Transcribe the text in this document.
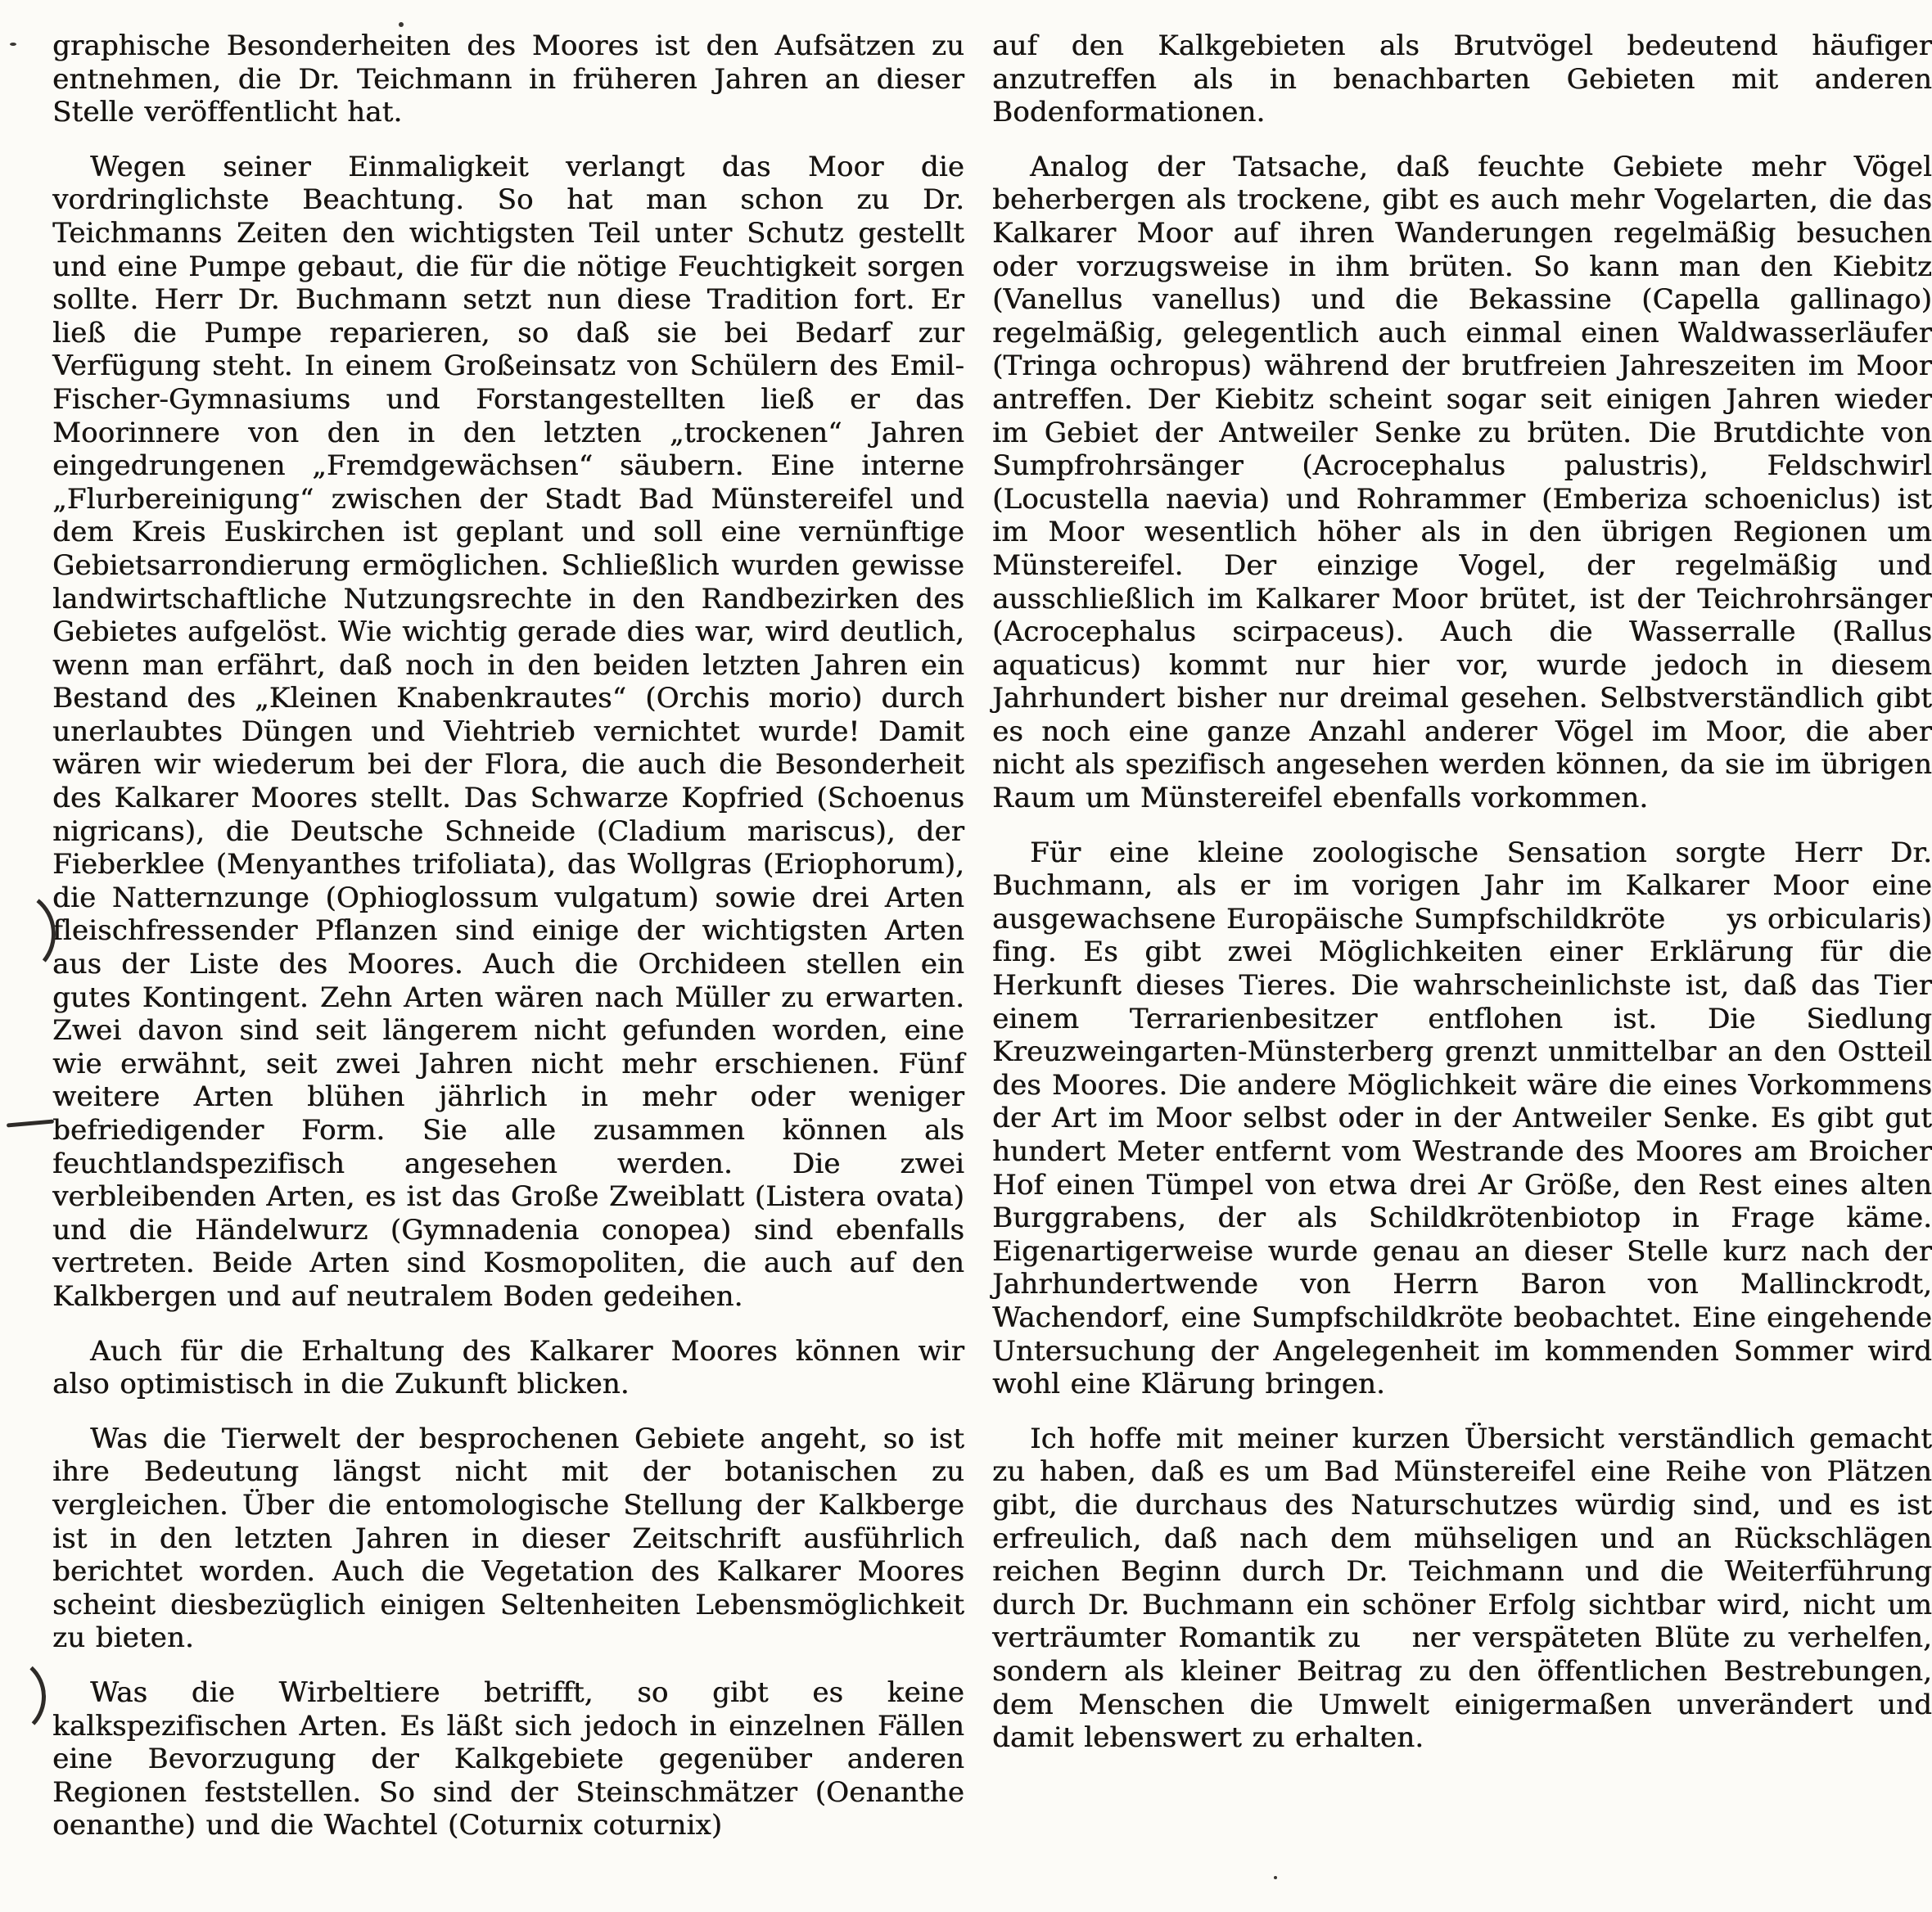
graphische Besonderheiten des Moores ist den Aufsätzen zu entnehmen, die Dr. Teichmann in früheren Jahren an dieser Stelle veröffentlicht hat.

Wegen seiner Einmaligkeit verlangt das Moor die vordringlichste Beachtung. So hat man schon zu Dr. Teichmanns Zeiten den wichtigsten Teil unter Schutz gestellt und eine Pumpe gebaut, die für die nötige Feuchtigkeit sorgen sollte. Herr Dr. Buchmann setzt nun diese Tradition fort. Er ließ die Pumpe reparieren, so daß sie bei Bedarf zur Verfügung steht. In einem Großeinsatz von Schülern des Emil-Fischer-Gymnasiums und Forstangestellten ließ er das Moorinnere von den in den letzten „trockenen“ Jahren eingedrungenen „Fremdgewächsen“ säubern. Eine interne „Flurbereinigung“ zwischen der Stadt Bad Münstereifel und dem Kreis Euskirchen ist geplant und soll eine vernünftige Gebietsarrondierung ermöglichen. Schließlich wurden gewisse landwirtschaftliche Nutzungsrechte in den Randbezirken des Gebietes aufgelöst. Wie wichtig gerade dies war, wird deutlich, wenn man erfährt, daß noch in den beiden letzten Jahren ein Bestand des „Kleinen Knabenkrautes“ (Orchis morio) durch unerlaubtes Düngen und Viehtrieb vernichtet wurde! Damit wären wir wiederum bei der Flora, die auch die Besonderheit des Kalkarer Moores stellt. Das Schwarze Kopfried (Schoenus nigricans), die Deutsche Schneide (Cladium mariscus), der Fieberklee (Menyanthes trifoliata), das Wollgras (Eriophorum), die Natternzunge (Ophioglossum vulgatum) sowie drei Arten fleischfressender Pflanzen sind einige der wichtigsten Arten aus der Liste des Moores. Auch die Orchideen stellen ein gutes Kontingent. Zehn Arten wären nach Müller zu erwarten. Zwei davon sind seit längerem nicht gefunden worden, eine wie erwähnt, seit zwei Jahren nicht mehr erschienen. Fünf weitere Arten blühen jährlich in mehr oder weniger befriedigender Form. Sie alle zusammen können als feuchtlandspezifisch angesehen werden. Die zwei verbleibenden Arten, es ist das Große Zweiblatt (Listera ovata) und die Händelwurz (Gymnadenia conopea) sind ebenfalls vertreten. Beide Arten sind Kosmopoliten, die auch auf den Kalkbergen und auf neutralem Boden gedeihen.

Auch für die Erhaltung des Kalkarer Moores können wir also optimistisch in die Zukunft blicken.

Was die Tierwelt der besprochenen Gebiete angeht, so ist ihre Bedeutung längst nicht mit der botanischen zu vergleichen. Über die entomologische Stellung der Kalkberge ist in den letzten Jahren in dieser Zeitschrift ausführlich berichtet worden. Auch die Vegetation des Kalkarer Moores scheint diesbezüglich einigen Seltenheiten Lebensmöglichkeit zu bieten.

Was die Wirbeltiere betrifft, so gibt es keine kalkspezifischen Arten. Es läßt sich jedoch in einzelnen Fällen eine Bevorzugung der Kalkgebiete gegenüber anderen Regionen feststellen. So sind der Steinschmätzer (Oenanthe oenanthe) und die Wachtel (Coturnix coturnix)

auf den Kalkgebieten als Brutvögel bedeutend häufiger anzutreffen als in benachbarten Gebieten mit anderen Bodenformationen.

Analog der Tatsache, daß feuchte Gebiete mehr Vögel beherbergen als trockene, gibt es auch mehr Vogelarten, die das Kalkarer Moor auf ihren Wanderungen regelmäßig besuchen oder vorzugsweise in ihm brüten. So kann man den Kiebitz (Vanellus vanellus) und die Bekassine (Capella gallinago) regelmäßig, gelegentlich auch einmal einen Waldwasserläufer (Tringa ochropus) während der brutfreien Jahreszeiten im Moor antreffen. Der Kiebitz scheint sogar seit einigen Jahren wieder im Gebiet der Antweiler Senke zu brüten. Die Brutdichte von Sumpfrohrsänger (Acrocephalus palustris), Feldschwirl (Locustella naevia) und Rohrammer (Emberiza schoeniclus) ist im Moor wesentlich höher als in den übrigen Regionen um Münstereifel. Der einzige Vogel, der regelmäßig und ausschließlich im Kalkarer Moor brütet, ist der Teichrohrsänger (Acrocephalus scirpaceus). Auch die Wasserralle (Rallus aquaticus) kommt nur hier vor, wurde jedoch in diesem Jahrhundert bisher nur dreimal gesehen. Selbstverständlich gibt es noch eine ganze Anzahl anderer Vögel im Moor, die aber nicht als spezifisch angesehen werden können, da sie im übrigen Raum um Münstereifel ebenfalls vorkommen.

Für eine kleine zoologische Sensation sorgte Herr Dr. Buchmann, als er im vorigen Jahr im Kalkarer Moor eine ausgewachsene Europäische Sumpfschildkröte      ys orbicularis) fing. Es gibt zwei Möglichkeiten einer Erklärung für die Herkunft dieses Tieres. Die wahrscheinlichste ist, daß das Tier einem Terrarienbesitzer entflohen ist. Die Siedlung Kreuzweingarten-Münsterberg grenzt unmittelbar an den Ostteil des Moores. Die andere Möglichkeit wäre die eines Vorkommens der Art im Moor selbst oder in der Antweiler Senke. Es gibt gut hundert Meter entfernt vom Westrande des Moores am Broicher Hof einen Tümpel von etwa drei Ar Größe, den Rest eines alten Burggrabens, der als Schildkrötenbiotop in Frage käme. Eigenartigerweise wurde genau an dieser Stelle kurz nach der Jahrhundertwende von Herrn Baron von Mallinckrodt, Wachendorf, eine Sumpfschildkröte beobachtet. Eine eingehende Untersuchung der Angelegenheit im kommenden Sommer wird wohl eine Klärung bringen.

Ich hoffe mit meiner kurzen Übersicht verständlich gemacht zu haben, daß es um Bad Münstereifel eine Reihe von Plätzen gibt, die durchaus des Naturschutzes würdig sind, und es ist erfreulich, daß nach dem mühseligen und an Rückschlägen reichen Beginn durch Dr. Teichmann und die Weiterführung durch Dr. Buchmann ein schöner Erfolg sichtbar wird, nicht um verträumter Romantik zu    ner verspäteten Blüte zu verhelfen, sondern als kleiner Beitrag zu den öffentlichen Bestrebungen, dem Menschen die Umwelt einigermaßen unverändert und damit lebenswert zu erhalten.
